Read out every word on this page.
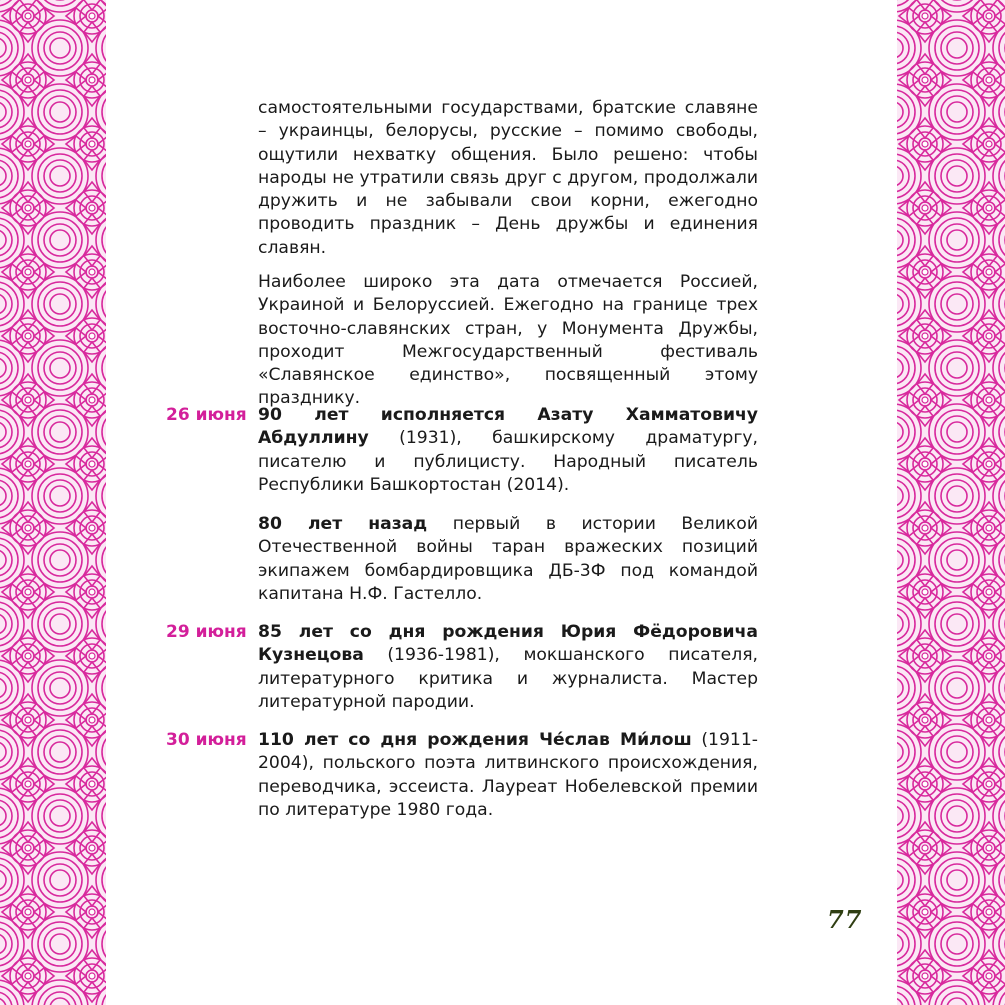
самостоятельными государствами, братские славяне – украинцы, белорусы, русские – помимо свободы, ощутили нехватку общения. Было решено: чтобы народы не утратили связь друг с другом, продолжали дружить и не забывали свои корни, ежегодно проводить праздник – День дружбы и единения славян.

Наиболее широко эта дата отмечается Россией, Украиной и Белоруссией. Ежегодно на границе трех восточно-славянских стран, у Монумента Дружбы, проходит Межгосударственный фестиваль «Славянское единство», посвященный этому празднику.

26 июня 90 лет исполняется Азату Хамматовичу Абдуллину (1931), башкирскому драматургу, писателю и публицисту. Народный писатель Республики Башкортостан (2014).

80 лет назад первый в истории Великой Отечественной войны таран вражеских позиций экипажем бомбардировщика ДБ-3Ф под командой капитана Н.Ф. Гастелло.

29 июня 85 лет со дня рождения Юрия Фёдоровича Кузнецова (1936-1981), мокшанского писателя, литературного критика и журналиста. Мастер литературной пародии.

30 июня 110 лет со дня рождения Че́слав Ми́лош (1911-2004), польского поэта литвинского происхождения, переводчика, эссеиста. Лауреат Нобелевской премии по литературе 1980 года.

77
